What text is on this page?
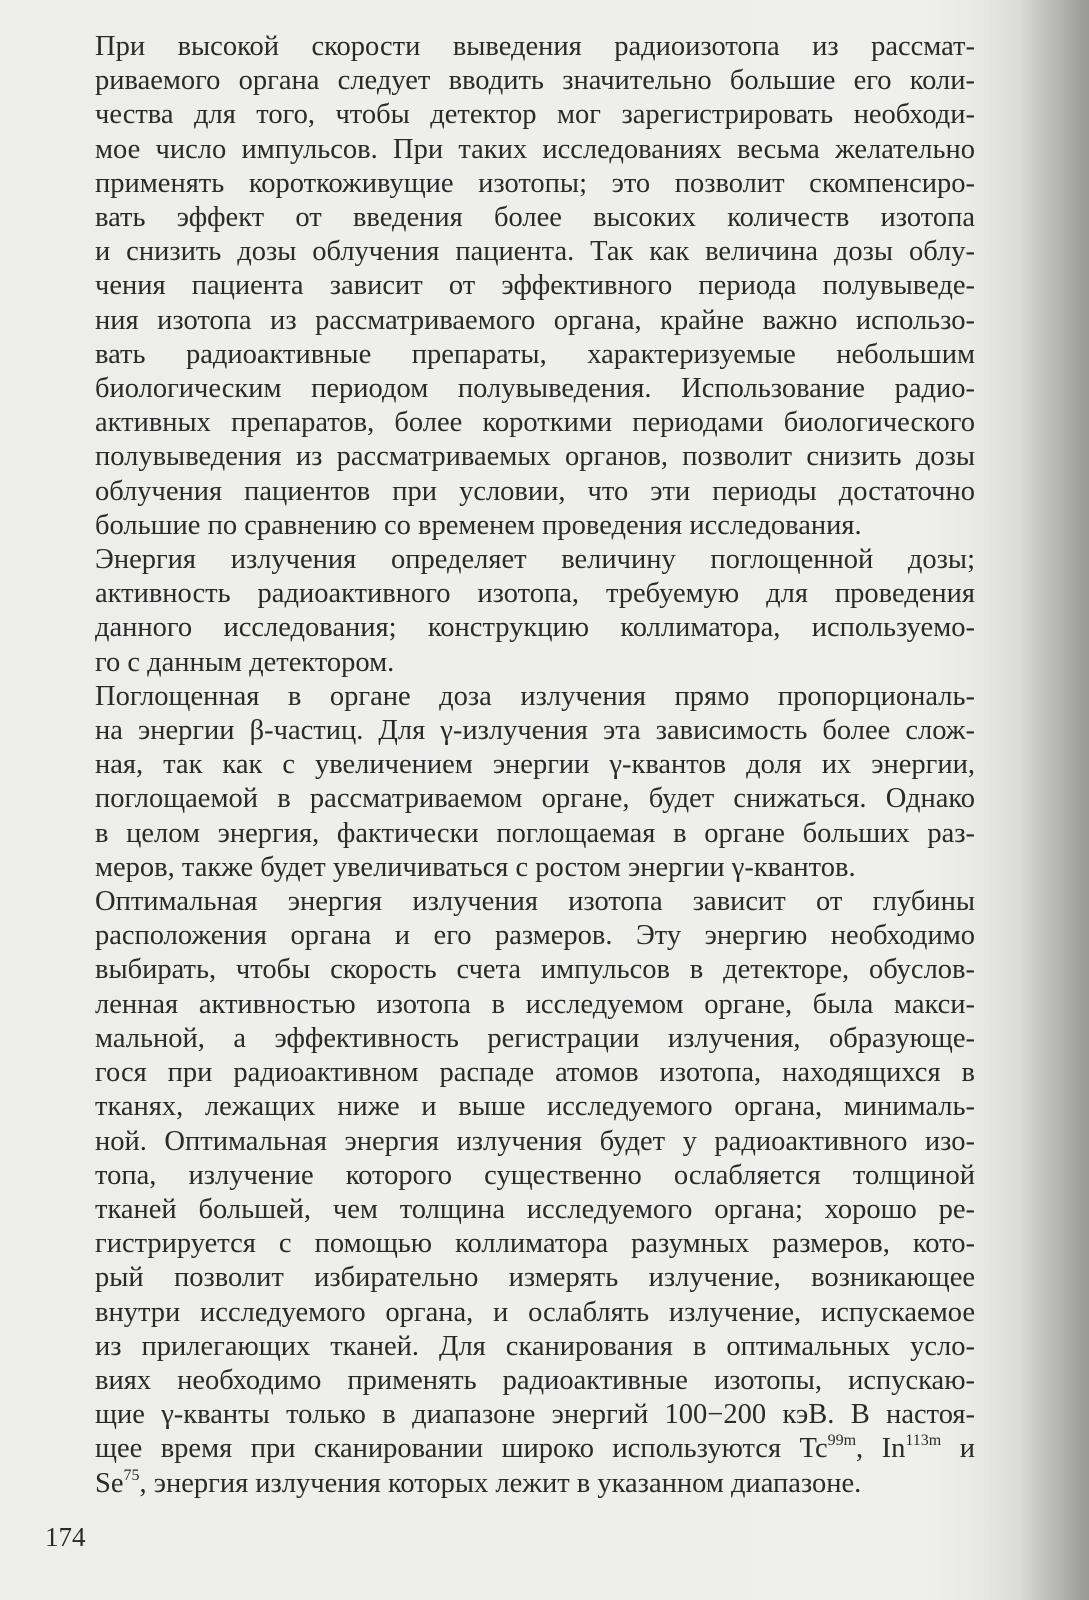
При высокой скорости выведения радиоизотопа из рассмат-
риваемого органа следует вводить значительно большие его коли-
чества для того, чтобы детектор мог зарегистрировать необходи-
мое число импульсов. При таких исследованиях весьма желательно
применять короткоживущие изотопы; это позволит скомпенсиро-
вать эффект от введения более высоких количеств изотопа
и снизить дозы облучения пациента. Так как величина дозы облу-
чения пациента зависит от эффективного периода полувыведе-
ния изотопа из рассматриваемого органа, крайне важно использо-
вать радиоактивные препараты, характеризуемые небольшим
биологическим периодом полувыведения. Использование радио-
активных препаратов, более короткими периодами биологического
полувыведения из рассматриваемых органов, позволит снизить дозы
облучения пациентов при условии, что эти периоды достаточно
большие по сравнению со временем проведения исследования.
Энергия излучения определяет величину поглощенной дозы;
активность радиоактивного изотопа, требуемую для проведения
данного исследования; конструкцию коллиматора, используемо-
го с данным детектором.
Поглощенная в органе доза излучения прямо пропорциональ-
на энергии β-частиц. Для γ-излучения эта зависимость более слож-
ная, так как с увеличением энергии γ-квантов доля их энергии,
поглощаемой в рассматриваемом органе, будет снижаться. Однако
в целом энергия, фактически поглощаемая в органе больших раз-
меров, также будет увеличиваться с ростом энергии γ-квантов.
Оптимальная энергия излучения изотопа зависит от глубины
расположения органа и его размеров. Эту энергию необходимо
выбирать, чтобы скорость счета импульсов в детекторе, обуслов-
ленная активностью изотопа в исследуемом органе, была макси-
мальной, а эффективность регистрации излучения, образующе-
гося при радиоактивном распаде атомов изотопа, находящихся в
тканях, лежащих ниже и выше исследуемого органа, минималь-
ной. Оптимальная энергия излучения будет у радиоактивного изо-
топа, излучение которого существенно ослабляется толщиной
тканей большей, чем толщина исследуемого органа; хорошо ре-
гистрируется с помощью коллиматора разумных размеров, кото-
рый позволит избирательно измерять излучение, возникающее
внутри исследуемого органа, и ослаблять излучение, испускаемое
из прилегающих тканей. Для сканирования в оптимальных усло-
виях необходимо применять радиоактивные изотопы, испускаю-
щие γ-кванты только в диапазоне энергий 100−200 кэВ. В настоя-
щее время при сканировании широко используются $Tc^{99m}$, $In^{113m}$ и
Se$^{75}$, энергия излучения которых лежит в указанном диапазоне.
174
